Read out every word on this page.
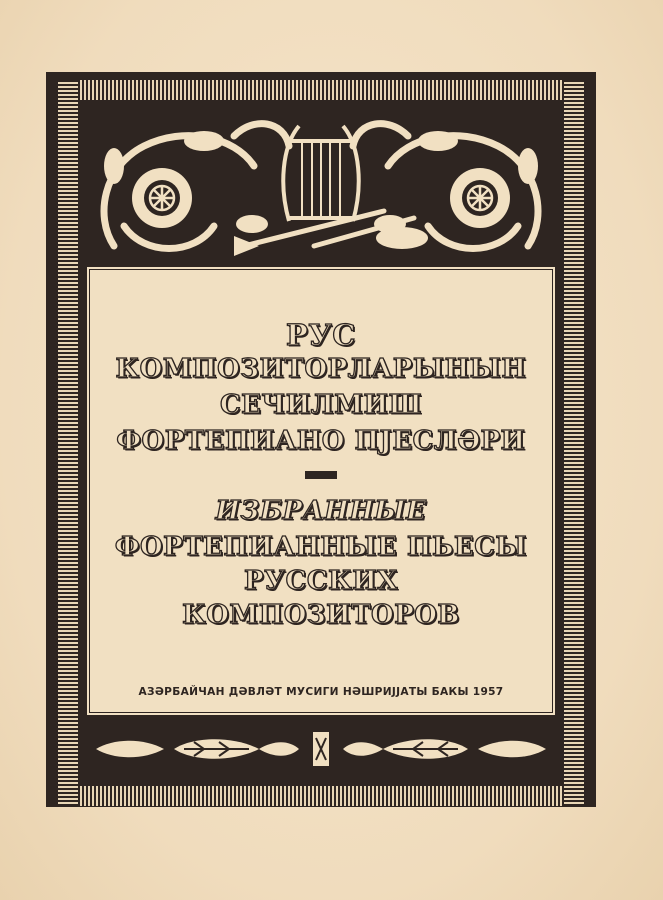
РУС
КОМПОЗИТОРЛАРЫНЫН
СЕЧИЛМИШ
ФОРТЕПИАНО ПЈЕСЛӘРИ
ИЗБРАННЫЕ
ФОРТЕПИАННЫЕ ПЬЕСЫ
РУССКИХ
КОМПОЗИТОРОВ
АЗӘРБАЙЧАН ДӘВЛӘТ МУСИГИ НӘШРИЈЈАТЫ БАКЫ 1957
